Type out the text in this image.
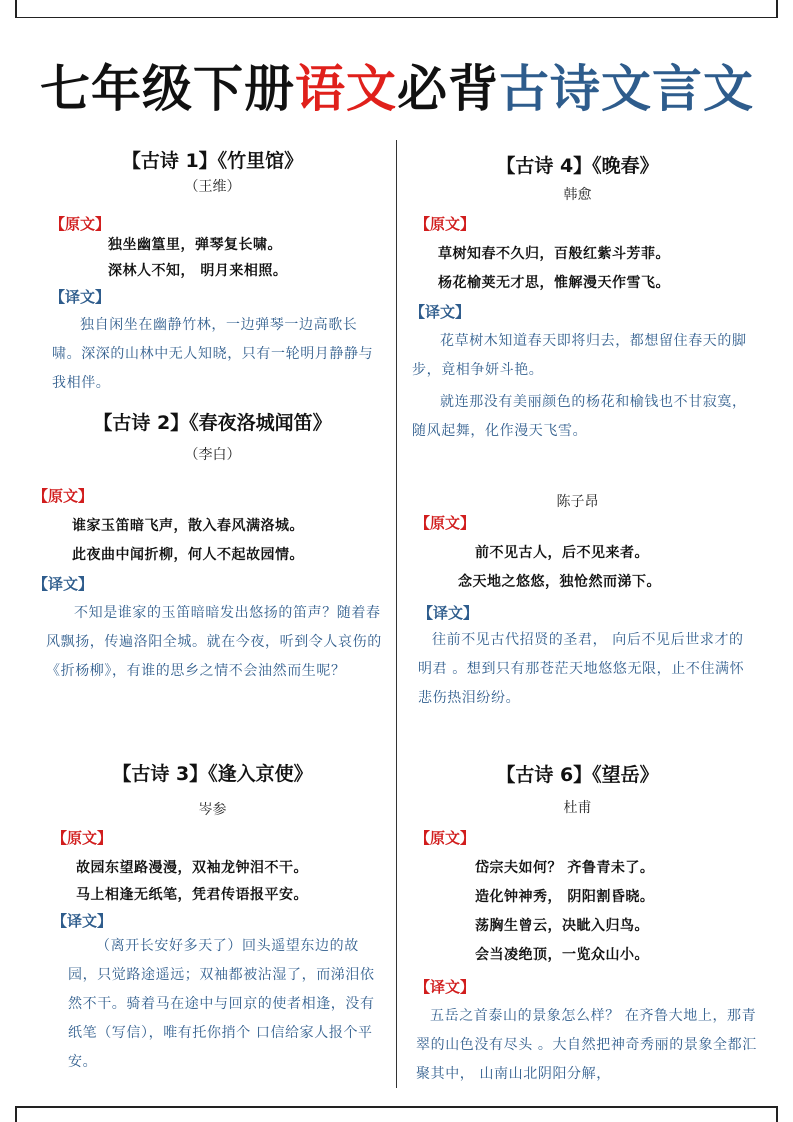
七年级下册语文必背古诗文言文
【古诗 1】《竹里馆》
（王维）
【原文】
独坐幽篁里，弹琴复长啸。
深林人不知， 明月来相照。
【译文】
独自闲坐在幽静竹林，一边弹琴一边高歌长啸。深深的山林中无人知晓，只有一轮明月静静与我相伴。
【古诗 2】《春夜洛城闻笛》
（李白）
【原文】
谁家玉笛暗飞声，散入春风满洛城。
此夜曲中闻折柳，何人不起故园情。
【译文】
不知是谁家的玉笛暗暗发出悠扬的笛声？随着春风飘扬，传遍洛阳全城。就在今夜，听到令人哀伤的《折杨柳》，有谁的思乡之情不会油然而生呢？
【古诗 3】《逢入京使》
岑参
【原文】
故园东望路漫漫，双袖龙钟泪不干。
马上相逢无纸笔，凭君传语报平安。
【译文】
（离开长安好多天了）回头遥望东边的故园，只觉路途遥远；双袖都被沾湿了，而涕泪依然不干。骑着马在途中与回京的使者相逢，没有纸笔（写信），唯有托你捎个 口信给家人报个平安。
【古诗 4】《晚春》
韩愈
【原文】
草树知春不久归，百般红紫斗芳菲。
杨花榆荚无才思，惟解漫天作雪飞。
【译文】
花草树木知道春天即将归去，都想留住春天的脚步，竟相争妍斗艳。
就连那没有美丽颜色的杨花和榆钱也不甘寂寞，随风起舞，化作漫天飞雪。
陈子昂
【原文】
前不见古人，后不见来者。
念天地之悠悠，独怆然而涕下。
【译文】
往前不见古代招贤的圣君， 向后不见后世求才的明君 。想到只有那苍茫天地悠悠无限，止不住满怀悲伤热泪纷纷。
【古诗 6】《望岳》
杜甫
【原文】
岱宗夫如何？ 齐鲁青未了。
造化钟神秀， 阴阳割昏晓。
荡胸生曾云，决眦入归鸟。
会当凌绝顶，一览众山小。
【译文】
五岳之首泰山的景象怎么样？ 在齐鲁大地上，那青翠的山色没有尽头 。大自然把神奇秀丽的景象全都汇聚其中， 山南山北阴阳分解，
